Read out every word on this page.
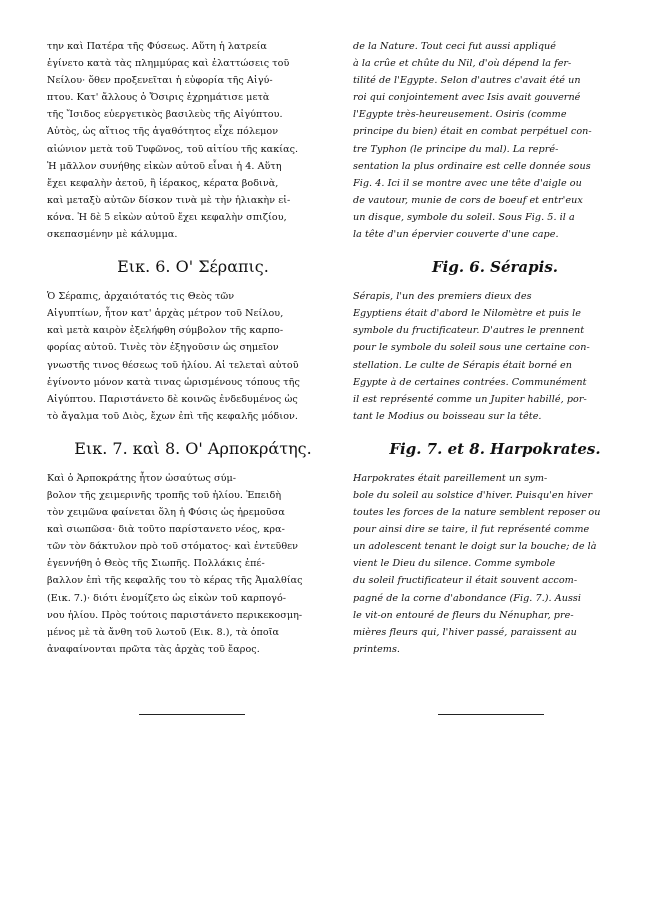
την καὶ Πατέρα τῆς Φύσεως. Αὕτη ἡ λατρεία
ἐγίνετο κατὰ τὰς πλημμύρας καὶ ἐλαττώσεις τοῦ
Νείλου· ὅθεν προξενεῖται ἡ εὐφορία τῆς Αἰγύ-
πτου. Κατ' ἄλλους ὁ Ὄσιρις ἐχρημάτισε μετὰ
τῆς Ἴσιδος εὐεργετικὸς βασιλεὺς τῆς Αἰγύπτου.
Αὐτὸς, ὡς αἴτιος τῆς ἀγαθότητος εἶχε πόλεμον
αἰώνιον μετὰ τοῦ Τυφῶνος, τοῦ αἰτίου τῆς κακίας.
Ἡ μᾶλλον συνήθης εἰκὼν αὐτοῦ εἶναι ἡ 4. Αὕτη
ἔχει κεφαλὴν ἀετοῦ, ἢ ἱέρακος, κέρατα βοδινὰ,
καὶ μεταξὺ αὐτῶν δίσκον τινὰ μὲ τὴν ἡλιακὴν εἰ-
κόνα. Ἡ δὲ 5 εἰκὼν αὐτοῦ ἔχει κεφαλὴν σπιζίου,
σκεπασμένην μὲ κάλυμμα.

Εικ. 6. Ο' Σέραπις.

Ὁ Σέραπις, ἀρχαιότατός τις Θεὸς τῶν
Αἰγυπτίων, ἦτον κατ' ἀρχὰς μέτρον τοῦ Νείλου,
καὶ μετὰ καιρὸν ἐξελήφθη σύμβολον τῆς καρπο-
φορίας αὐτοῦ. Τινὲς τὸν ἐξηγοῦσιν ὡς σημεῖον
γνωστῆς τινος θέσεως τοῦ ἡλίου. Αἱ τελεταὶ αὐτοῦ
ἐγίνοντο μόνον κατὰ τινας ὡρισμένους τόπους τῆς
Αἰγύπτου. Παριστάνετο δὲ κοινῶς ἐνδεδυμένος ὡς
τὸ ἄγαλμα τοῦ Διὸς, ἔχων ἐπὶ τῆς κεφαλῆς μόδιον.

Εικ. 7. καὶ 8. Ο' Αρποκράτης.

Καὶ ὁ Ἁρποκράτης ἦτον ὡσαύτως σύμ-
βολον τῆς χειμερινῆς τροπῆς τοῦ ἡλίου. Ἐπειδὴ
τὸν χειμῶνα φαίνεται ὅλη ἡ Φύσις ὡς ἠρεμοῦσα
καὶ σιωπῶσα· διὰ τοῦτο παρίστανετο νέος, κρα-
τῶν τὸν δάκτυλον πρὸ τοῦ στόματος· καὶ ἐντεῦθεν
ἐγεννήθη ὁ Θεὸς τῆς Σιωπῆς. Πολλάκις ἐπέ-
βαλλον ἐπὶ τῆς κεφαλῆς του τὸ κέρας τῆς Ἀμαλθίας
(Εικ. 7.)· διότι ἐνομίζετο ὡς εἰκὼν τοῦ καρπογό-
νου ἡλίου. Πρὸς τούτοις παριστάνετο περικεκοσμη-
μένος μὲ τὰ ἄνθη τοῦ λωτοῦ (Εικ. 8.), τὰ ὁποῖα
ἀναφαίνονται πρῶτα τὰς ἀρχὰς τοῦ ἔαρος.

de la Nature. Tout ceci fut aussi appliqué
à la crûe et chûte du Nil, d'où dépend la fer-
tilité de l'Egypte. Selon d'autres c'avait été un
roi qui conjointement avec Isis avait gouverné
l'Egypte très-heureusement. Osiris (comme
principe du bien) était en combat perpétuel con-
tre Typhon (le principe du mal). La repré-
sentation la plus ordinaire est celle donnée sous
Fig. 4. Ici il se montre avec une tête d'aigle ou
de vautour, munie de cors de boeuf et entr'eux
un disque, symbole du soleil. Sous Fig. 5. il a
la tête d'un épervier couverte d'une cape.

Fig. 6. Sérapis.

Sérapis, l'un des premiers dieux des
Egyptiens était d'abord le Nilomètre et puis le
symbole du fructificateur. D'autres le prennent
pour le symbole du soleil sous une certaine con-
stellation. Le culte de Sérapis était borné en
Egypte à de certaines contrées. Communément
il est représenté comme un Jupiter habillé, por-
tant le Modius ou boisseau sur la tête.

Fig. 7. et 8. Harpokrates.

Harpokrates était pareillement un sym-
bole du soleil au solstice d'hiver. Puisqu'en hiver
toutes les forces de la nature semblent reposer ou
pour ainsi dire se taire, il fut représenté comme
un adolescent tenant le doigt sur la bouche; de là
vient le Dieu du silence. Comme symbole
du soleil fructificateur il était souvent accom-
pagné de la corne d'abondance (Fig. 7.). Aussi
le vit-on entouré de fleurs du Nénuphar, pre-
mières fleurs qui, l'hiver passé, paraissent au
printems.
